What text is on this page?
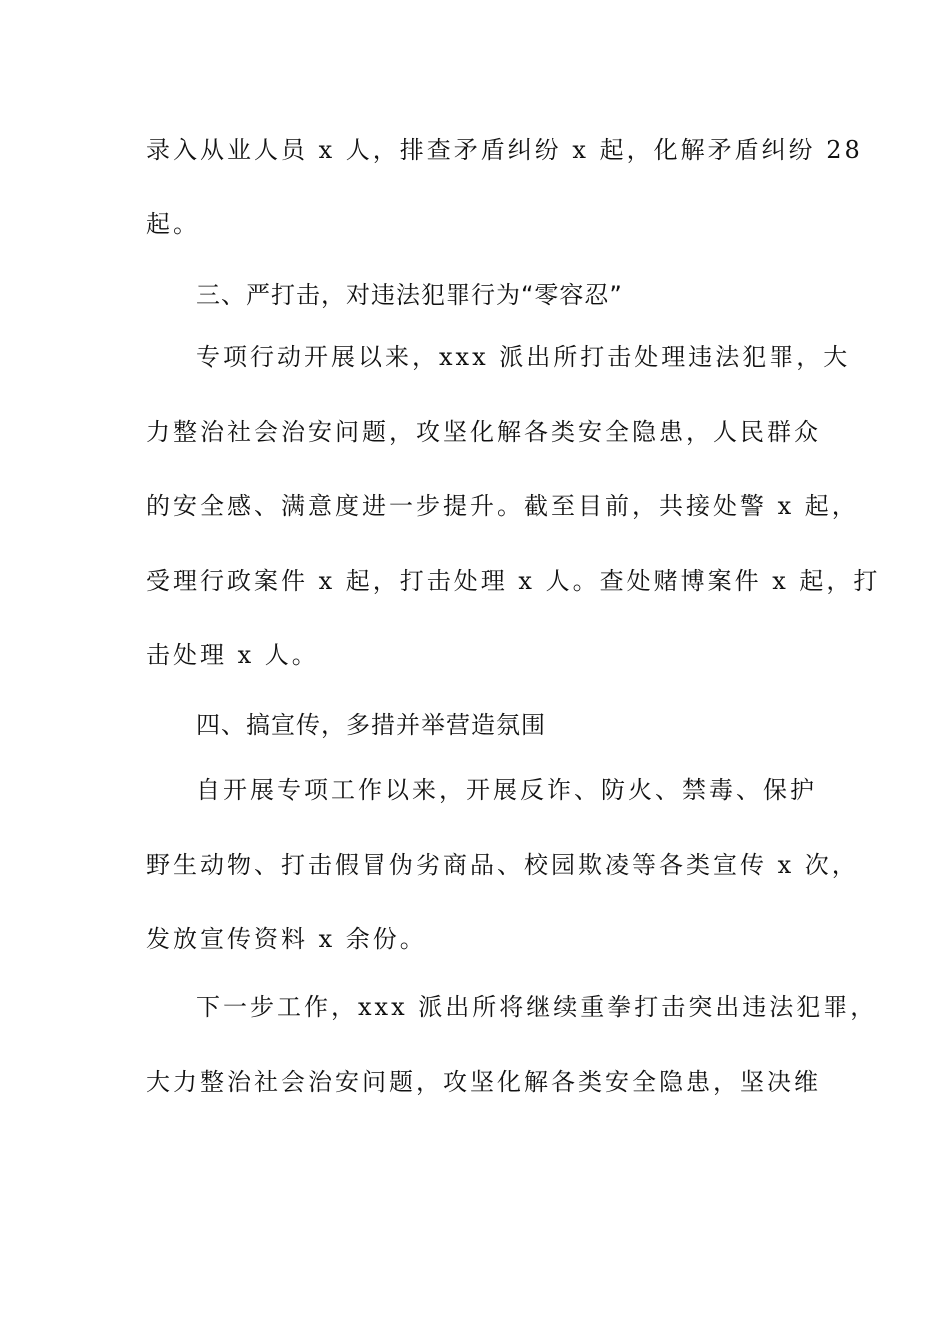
录入从业人员 x 人，排查矛盾纠纷 x 起，化解矛盾纠纷 28
起。
三、严打击，对违法犯罪行为“零容忍”
专项行动开展以来，xxx 派出所打击处理违法犯罪，大
力整治社会治安问题，攻坚化解各类安全隐患，人民群众
的安全感、满意度进一步提升。截至目前，共接处警 x 起，
受理行政案件 x 起，打击处理 x 人。查处赌博案件 x 起，打
击处理 x 人。
四、搞宣传，多措并举营造氛围
自开展专项工作以来，开展反诈、防火、禁毒、保护
野生动物、打击假冒伪劣商品、校园欺凌等各类宣传 x 次，
发放宣传资料 x 余份。
下一步工作，xxx 派出所将继续重拳打击突出违法犯罪，
大力整治社会治安问题，攻坚化解各类安全隐患，坚决维
